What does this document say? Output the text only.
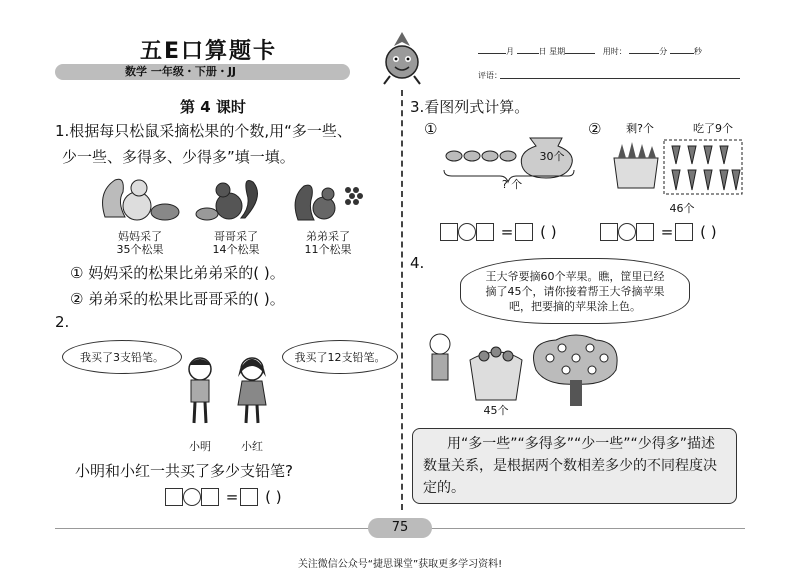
五E口算题卡
数学 一年级・下册・JJ
月	日 星期	用时：	分	秒
评语：
第 4 课时
1.根据每只松鼠采摘松果的个数,用“多一些、
少一些、多得多、少得多”填一填。
妈妈采了
35个松果
哥哥采了
14个松果
弟弟采了
11个松果
① 妈妈采的松果比弟弟采的( )。
② 弟弟采的松果比哥哥采的( )。
2.
我买了3支铅笔。	我买了12支铅笔。
小明	小红
小明和小红一共买了多少支铅笔?
= ( )
3.看图列式计算。
①	②
30个
? 个
剩?个	吃了9个
46个
= ( )	= ( )
4.
王大爷要摘60个苹果。瞧，筐里已经摘了45个，请你接着帮王大爷摘苹果吧，把要摘的苹果涂上色。
45个
用“多一些”“多得多”“少一些”“少得多”描述数量关系，是根据两个数相差多少的不同程度决定的。
75
关注微信公众号“捷思课堂”获取更多学习资料!
